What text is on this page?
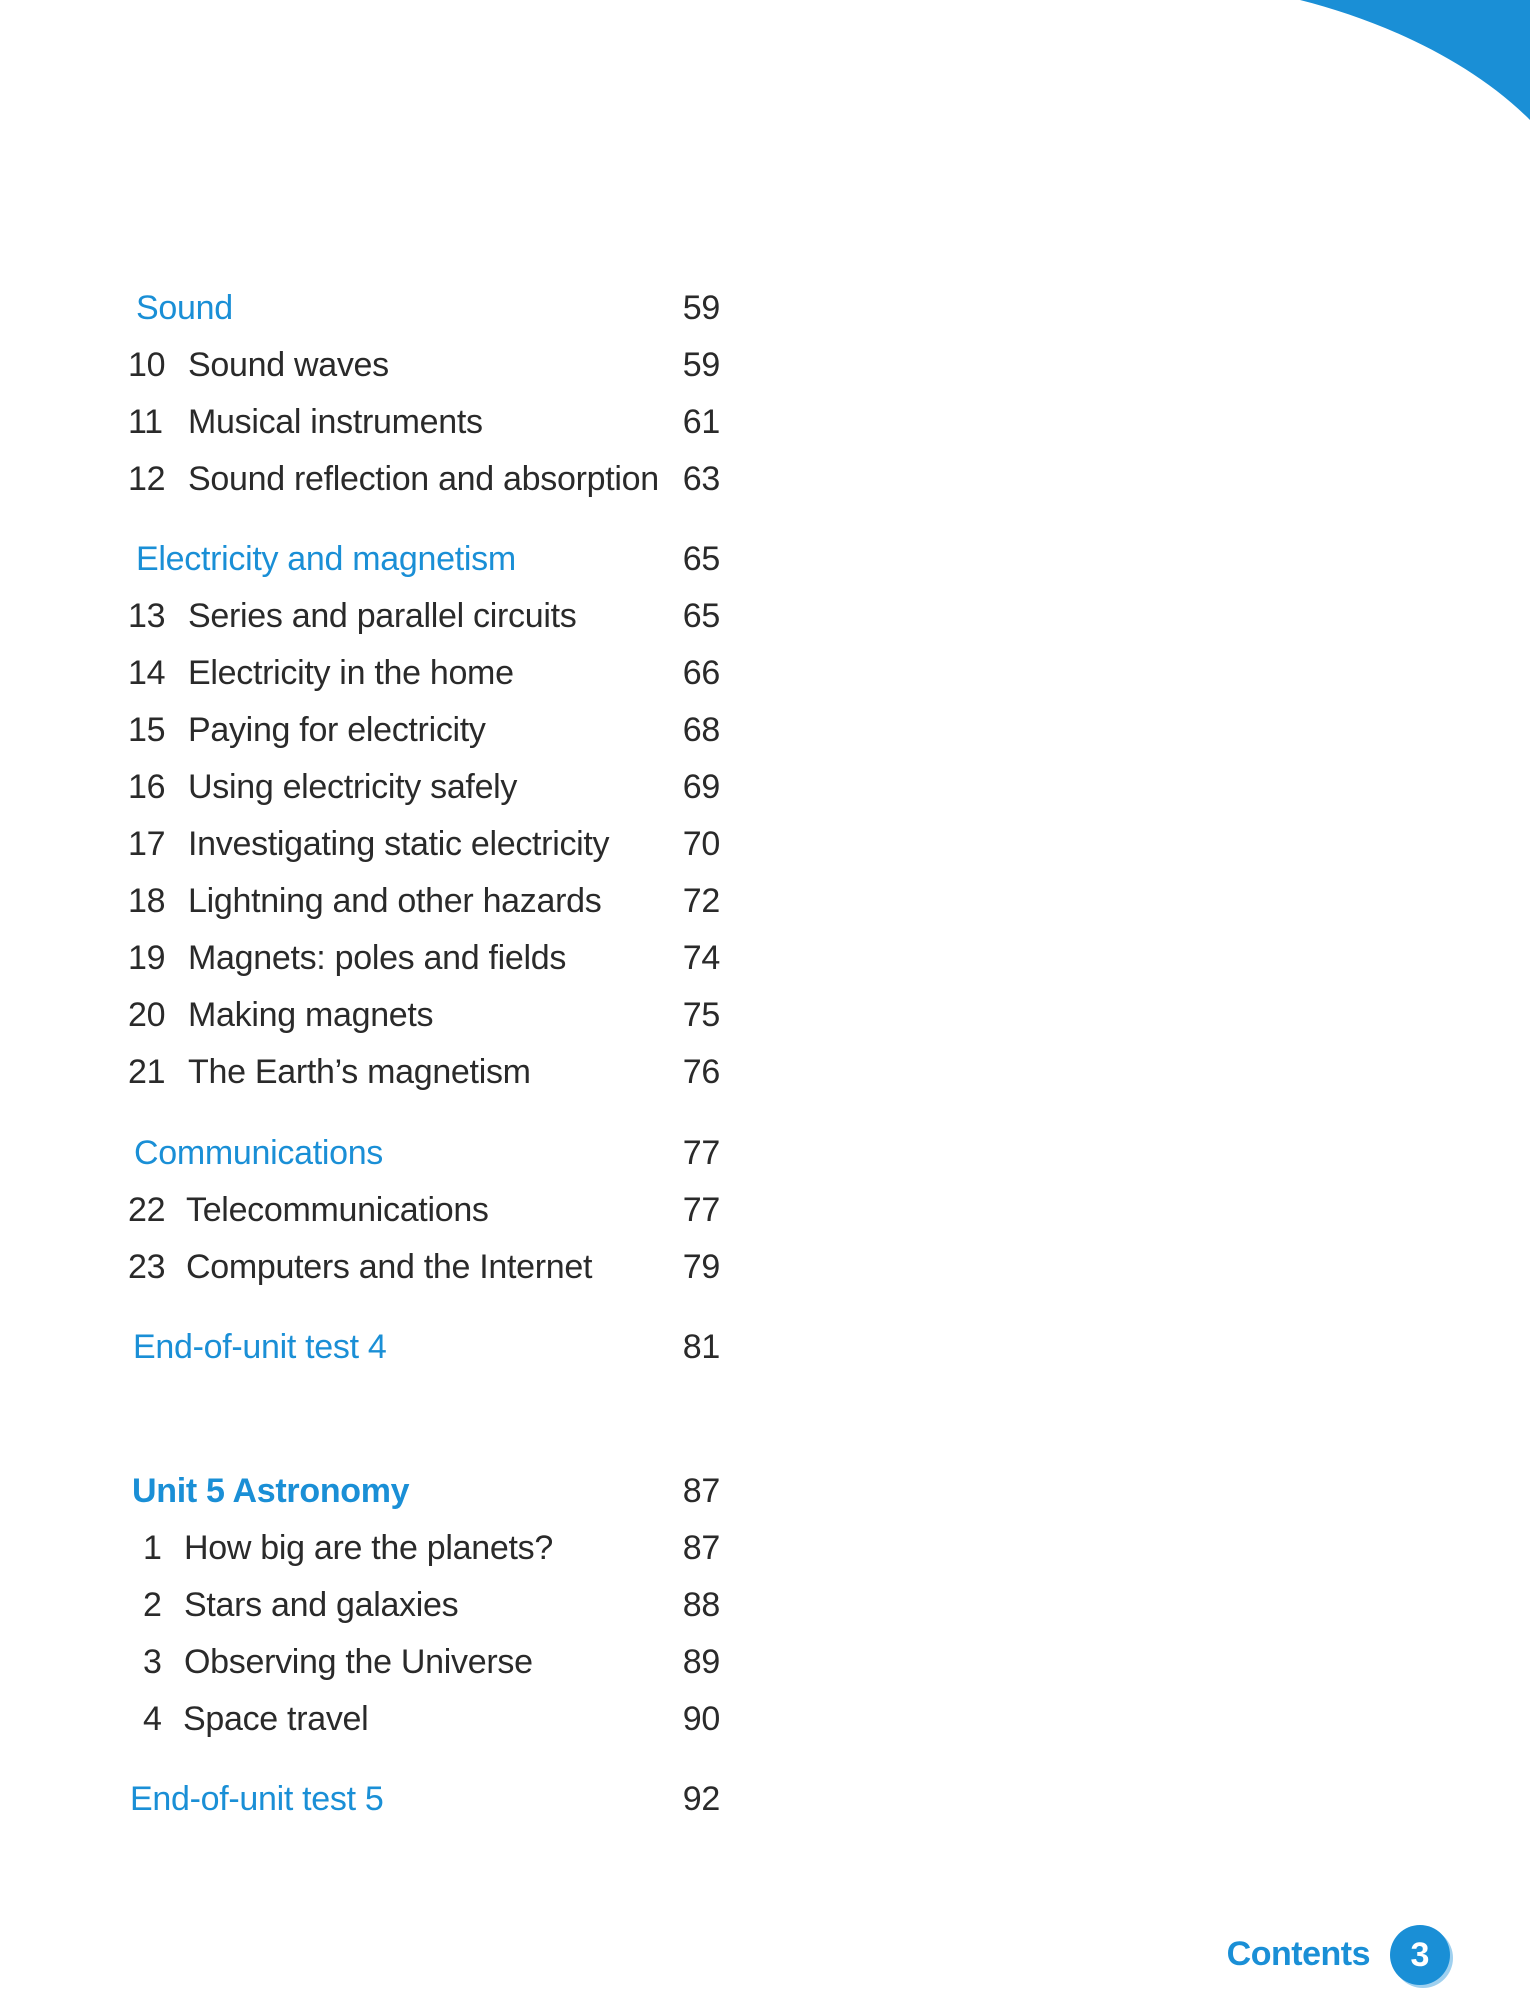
Sound	59
10 Sound waves	59
11 Musical instruments	61
12 Sound reflection and absorption 63
Electricity and magnetism	65
13 Series and parallel circuits	65
14 Electricity in the home	66
15 Paying for electricity	68
16 Using electricity safely	69
17 Investigating static electricity	70
18 Lightning and other hazards	72
19 Magnets: poles and fields	74
20 Making magnets	75
21 The Earth’s magnetism	76
Communications	77
22 Telecommunications	77
23 Computers and the Internet	79
End-of-unit test 4	81
Unit 5 Astronomy	87
1 How big are the planets?	87
2 Stars and galaxies	88
3 Observing the Universe	89
4 Space travel	90
End-of-unit test 5	92
Contents	3
